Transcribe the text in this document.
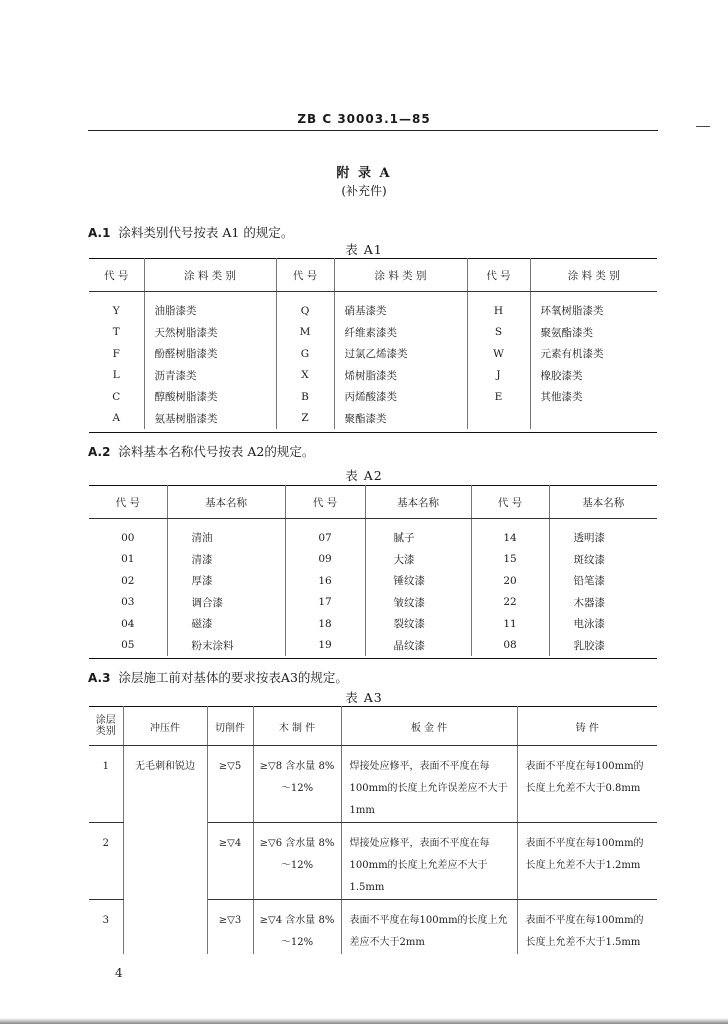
ZB C 30003.1—85
附 录 A
(补充件)
A.1 涂料类别代号按表 A1 的规定。
表 A1
代 号	涂 料 类 别	代 号	涂 料 类 别	代 号	涂 料 类 别

Y	油脂漆类	Q	硝基漆类	H	环氧树脂漆类
T	天然树脂漆类	M	纤维素漆类	S	聚氨酯漆类
F	酚醛树脂漆类	G	过氯乙烯漆类	W	元素有机漆类
L	沥青漆类	X	烯树脂漆类	J	橡胶漆类
C	醇酸树脂漆类	B	丙烯酸漆类	E	其他漆类
A	氨基树脂漆类	Z	聚酯漆类		
A.2 涂料基本名称代号按表 A2的规定。
表 A2
代 号	基本名称	代 号	基本名称	代 号	基本名称

00	清油	07	腻子	14	透明漆
01	清漆	09	大漆	15	斑纹漆
02	厚漆	16	锤纹漆	20	铅笔漆
03	调合漆	17	皱纹漆	22	木器漆
04	磁漆	18	裂纹漆	11	电泳漆
05	粉末涂料	19	晶纹漆	08	乳胶漆
A.3 涂层施工前对基体的要求按表A3的规定。
表 A3
涂层类别	冲压件	切削件	木 制 件	板 金 件	铸 件
1	无毛刺和锐边	≥▽5	≥▽8 含水量 8%～12%	焊接处应修平，表面不平度在每100mm的长度上允许误差应不大于1mm	表面不平度在每100mm的长度上允差不大于0.8mm
2		≥▽4	≥▽6 含水量 8%～12%	焊接处应修平，表面不平度在每100mm的长度上允差应不大于1.5mm	表面不平度在每100mm的长度上允差不大于1.2mm
3		≥▽3	≥▽4 含水量 8%～12%	表面不平度在每100mm的长度上允差应不大于2mm	表面不平度在每100mm的长度上允差不大于1.5mm
4
